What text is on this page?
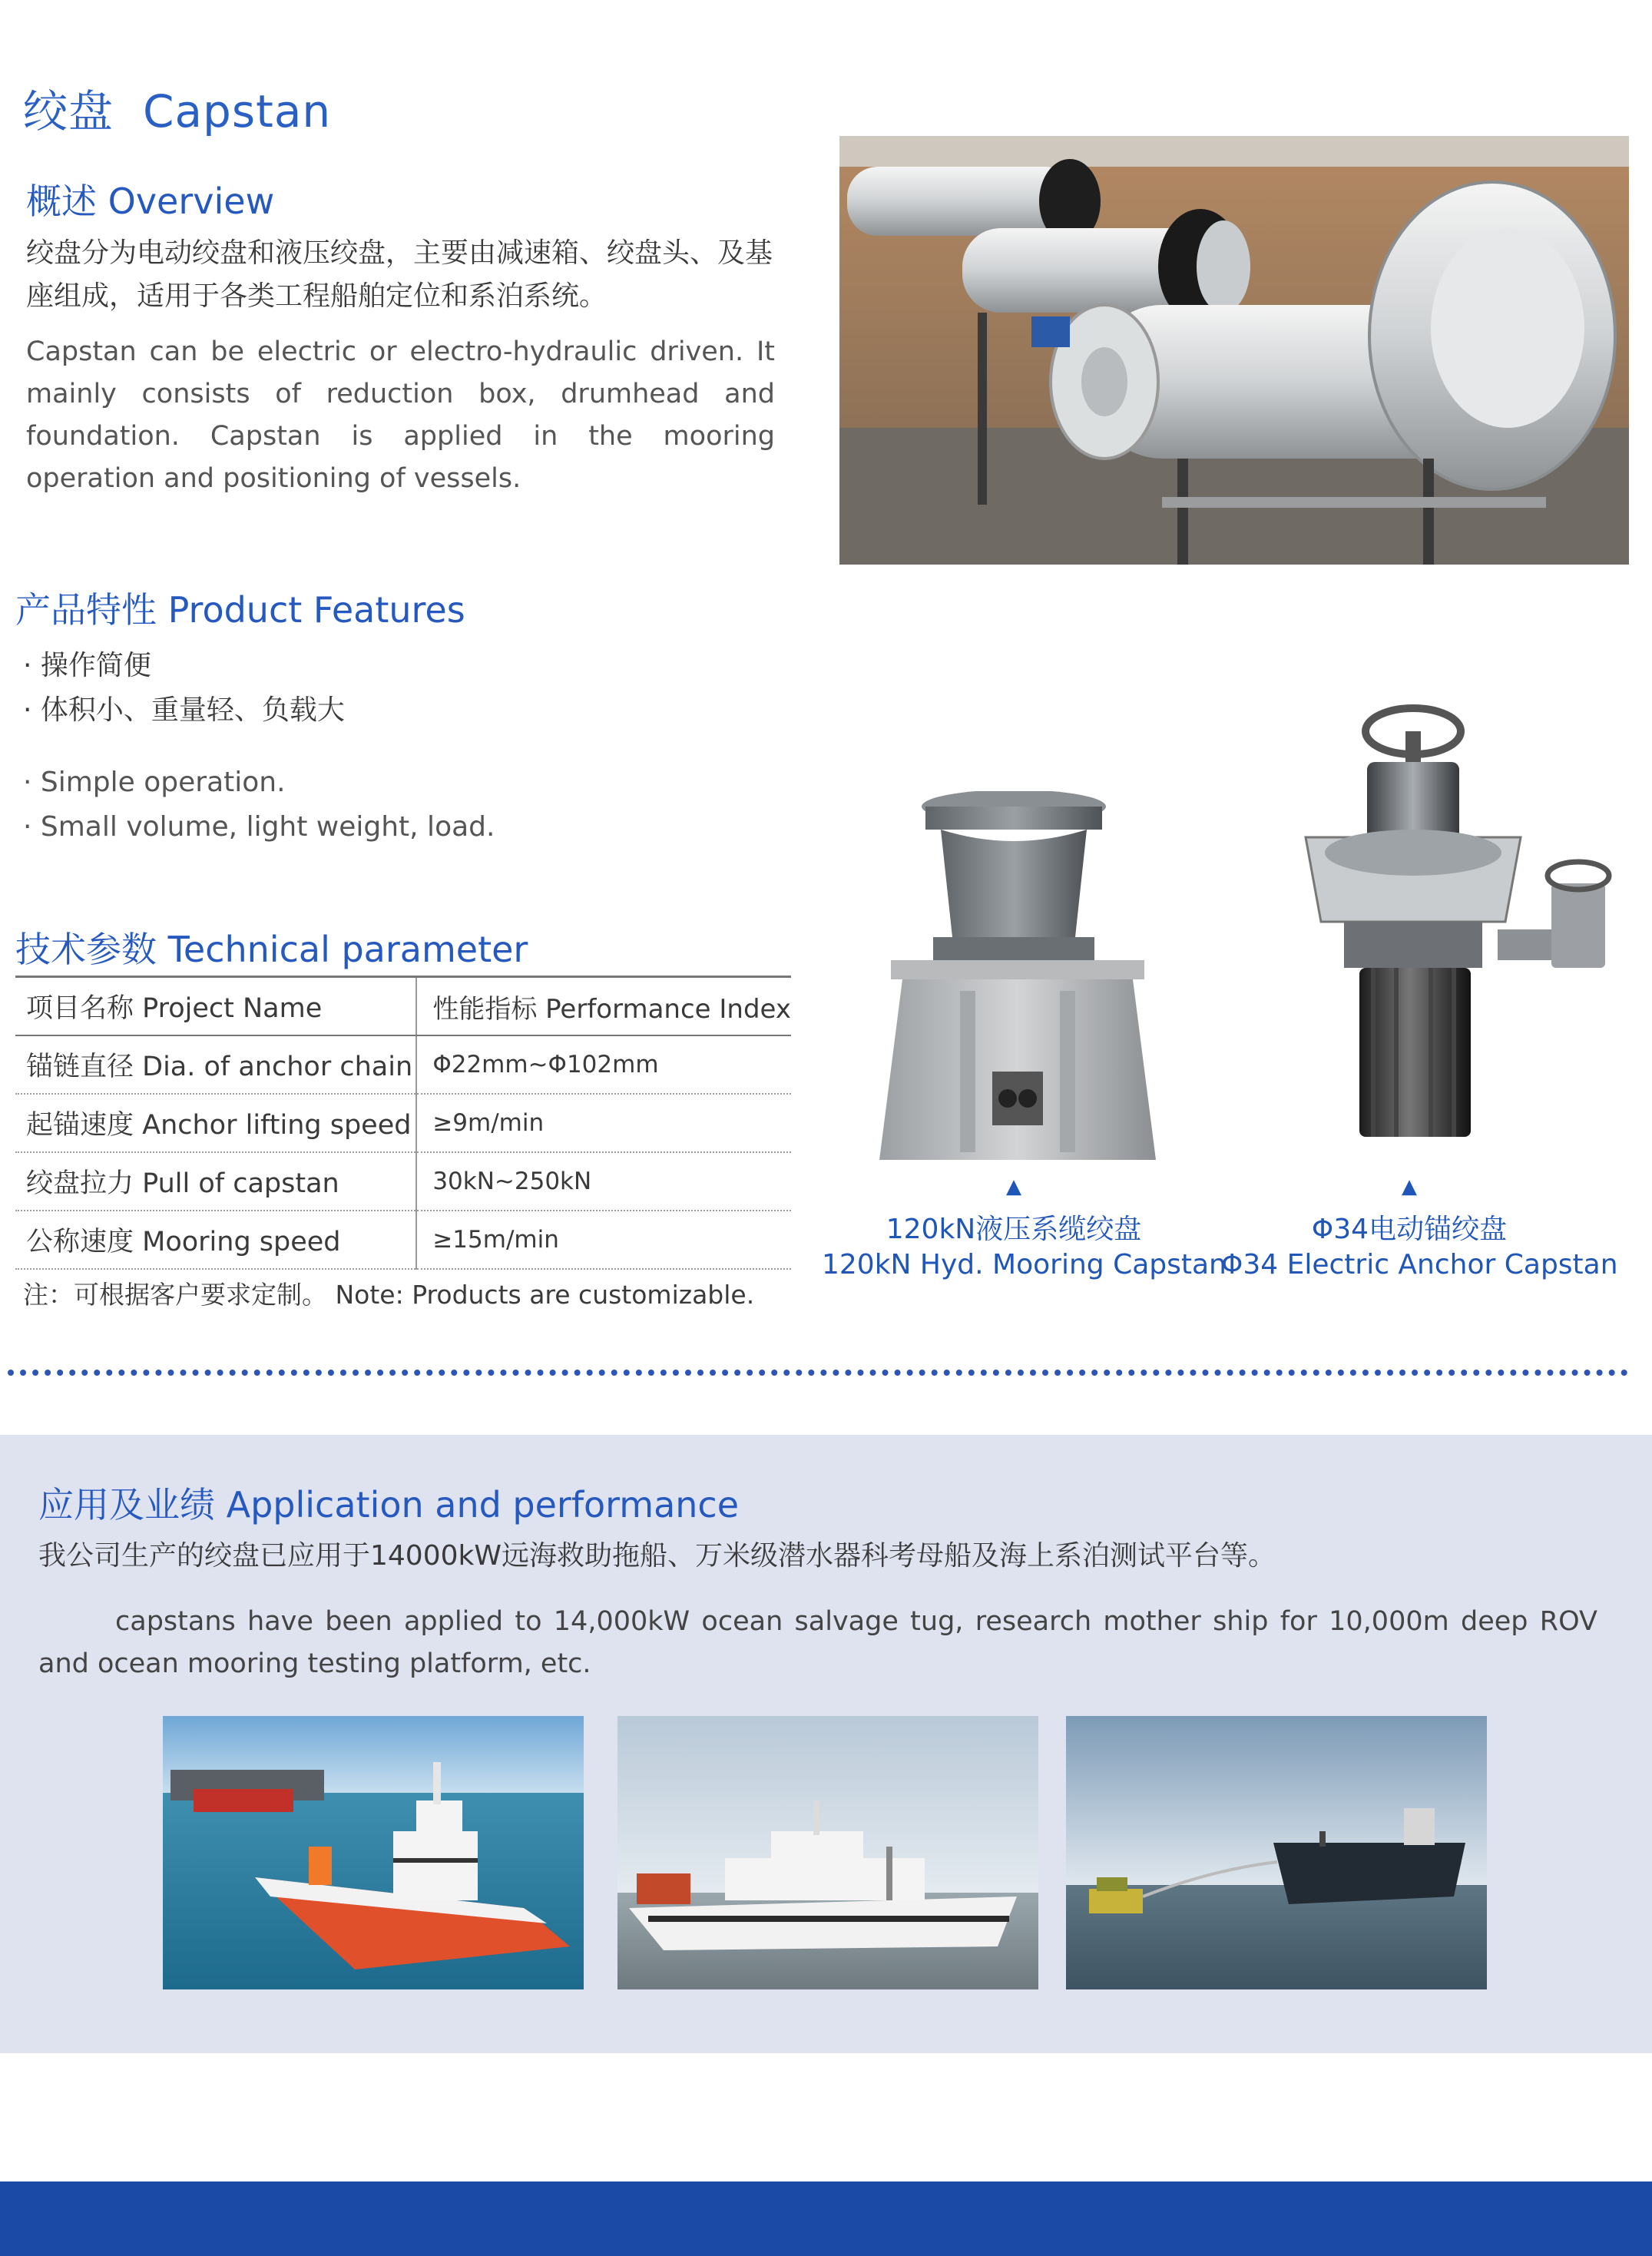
绞盘 Capstan
概述 Overview
绞盘分为电动绞盘和液压绞盘，主要由减速箱、绞盘头、及基座组成，适用于各类工程船舶定位和系泊系统。
Capstan can be electric or electro-hydraulic driven. It mainly consists of reduction box, drumhead and foundation. Capstan is applied in the mooring operation and positioning of vessels.
产品特性 Product Features
· 操作简便
· 体积小、重量轻、负载大
· Simple operation.
· Small volume, light weight, load.
技术参数 Technical parameter
项目名称 Project Name	性能指标 Performance Index
锚链直径 Dia. of anchor chain	Φ22mm~Φ102mm
起锚速度 Anchor lifting speed	≥9m/min
绞盘拉力 Pull of capstan	30kN~250kN
公称速度 Mooring speed	≥15m/min
注：可根据客户要求定制。 Note: Products are customizable.
▲
120kN液压系缆绞盘
120kN Hyd. Mooring Capstan
▲
Φ34电动锚绞盘
Φ34 Electric Anchor Capstan
应用及业绩 Application and performance
我公司生产的绞盘已应用于14000kW远海救助拖船、万米级潜水器科考母船及海上系泊测试平台等。
capstans have been applied to 14,000kW ocean salvage tug, research mother ship for 10,000m deep ROV and ocean mooring testing platform, etc.
